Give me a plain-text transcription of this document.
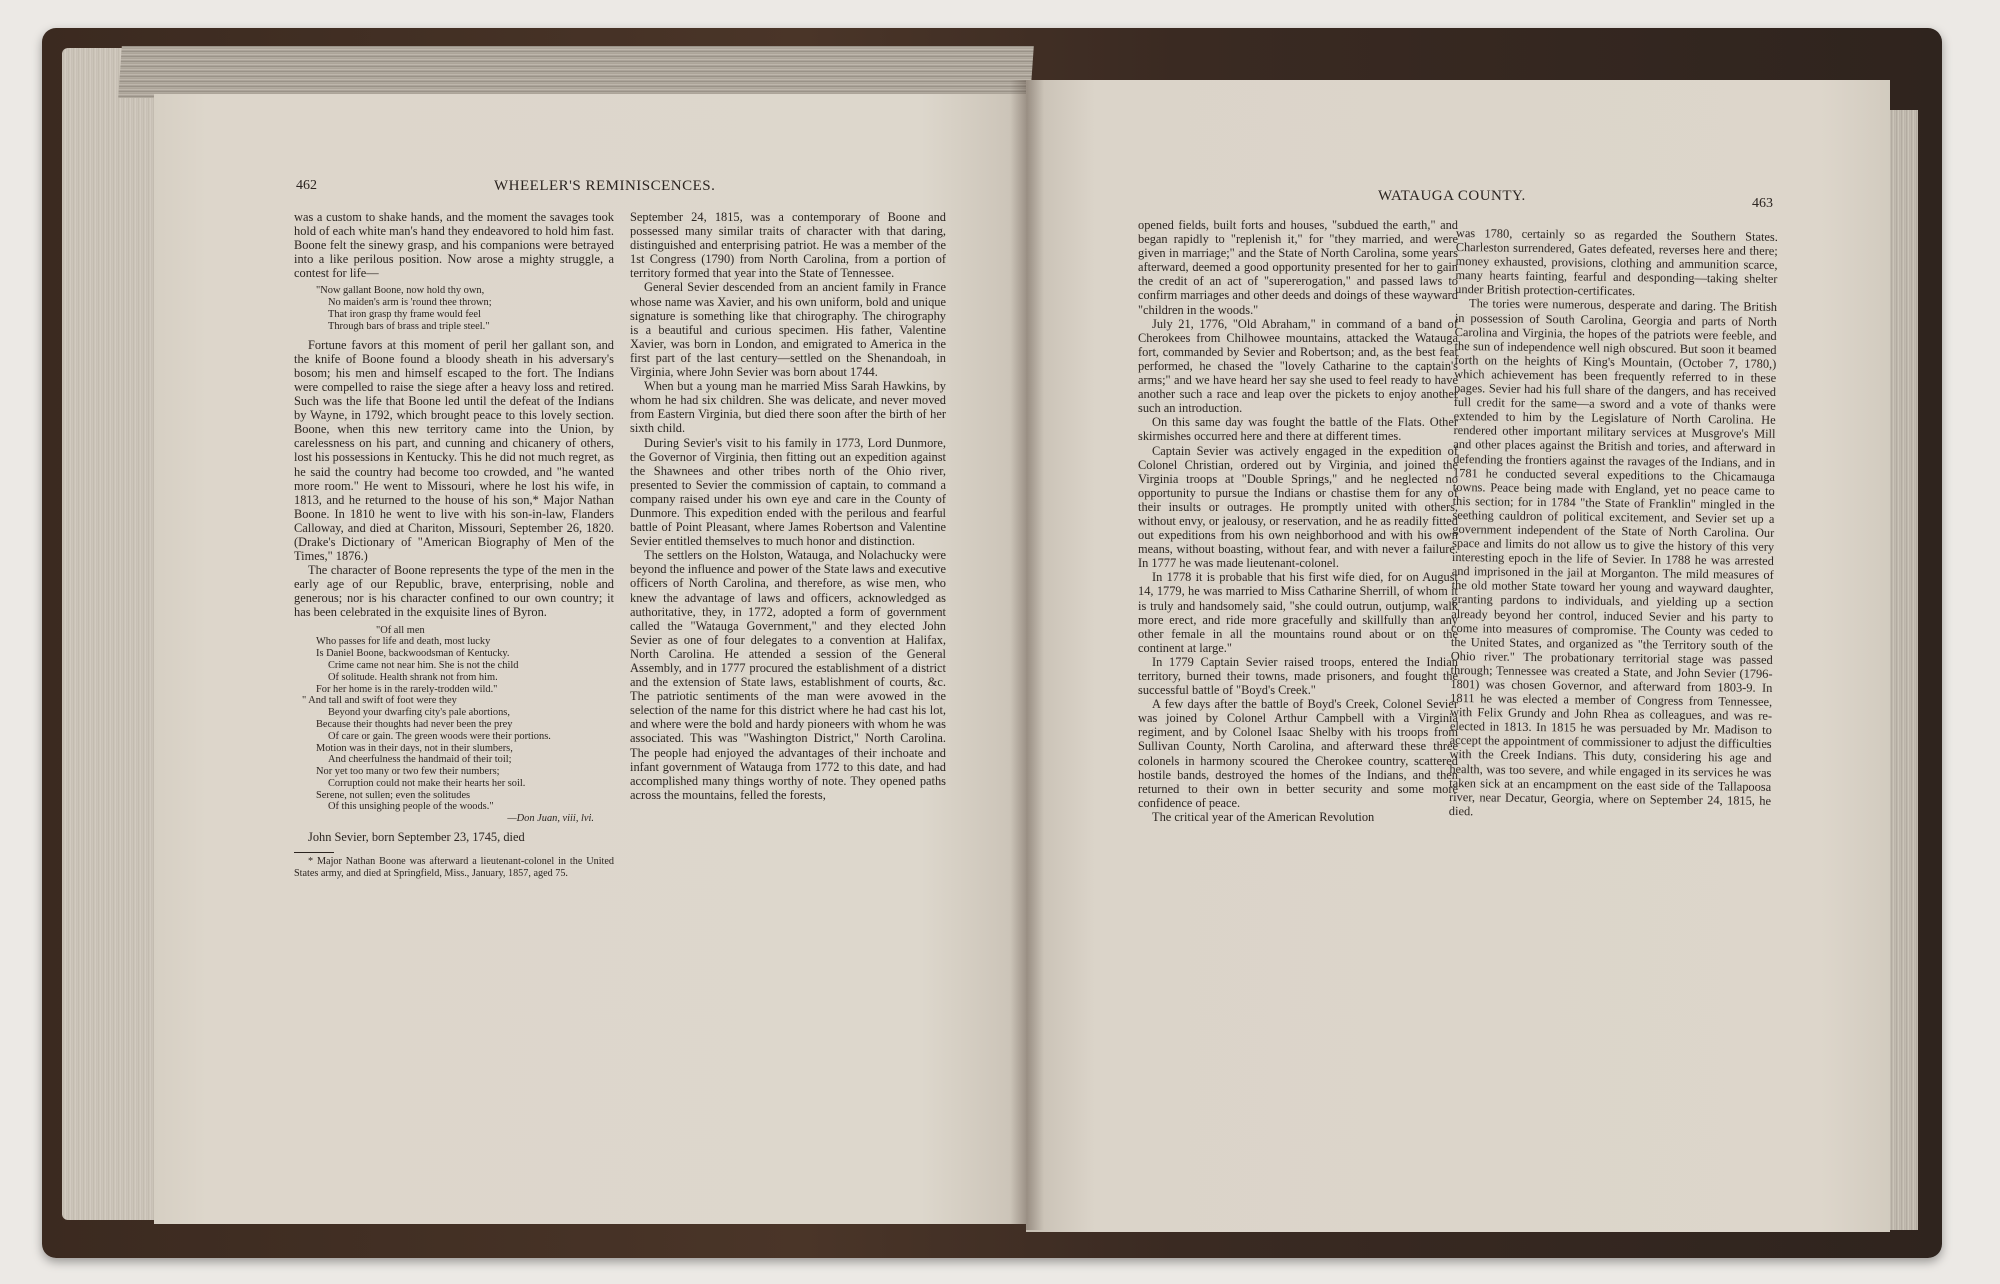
462	WHEELER'S REMINISCENCES.

was a custom to shake hands, and the moment the savages took hold of each white man's hand they endeavored to hold him fast. Boone felt the sinewy grasp, and his companions were betrayed into a like perilous position. Now arose a mighty struggle, a contest for life—

"Now gallant Boone, now hold thy own,
No maiden's arm is 'round thee thrown;
That iron grasp thy frame would feel
Through bars of brass and triple steel."

Fortune favors at this moment of peril her gallant son, and the knife of Boone found a bloody sheath in his adversary's bosom; his men and himself escaped to the fort. The Indians were compelled to raise the siege after a heavy loss and retired. Such was the life that Boone led until the defeat of the Indians by Wayne, in 1792, which brought peace to this lovely section. Boone, when this new territory came into the Union, by carelessness on his part, and cunning and chicanery of others, lost his possessions in Kentucky. This he did not much regret, as he said the country had become too crowded, and "he wanted more room." He went to Missouri, where he lost his wife, in 1813, and he returned to the house of his son,* Major Nathan Boone. In 1810 he went to live with his son-in-law, Flanders Calloway, and died at Chariton, Missouri, September 26, 1820. (Drake's Dictionary of "American Biography of Men of the Times," 1876.)

The character of Boone represents the type of the men in the early age of our Republic, brave, enterprising, noble and generous; nor is his character confined to our own country; it has been celebrated in the exquisite lines of Byron.

"Of all men
Who passes for life and death, most lucky
Is Daniel Boone, backwoodsman of Kentucky.
Crime came not near him. She is not the child
Of solitude. Health shrank not from him.
For her home is in the rarely-trodden wild."
" And tall and swift of foot were they
Beyond your dwarfing city's pale abortions,
Because their thoughts had never been the prey
Of care or gain. The green woods were their portions.
Motion was in their days, not in their slumbers,
And cheerfulness the handmaid of their toil;
Nor yet too many or two few their numbers;
Corruption could not make their hearts her soil.
Serene, not sullen; even the solitudes
Of this unsighing people of the woods."
—Don Juan, viii, lvi.

John Sevier, born September 23, 1745, died

* Major Nathan Boone was afterward a lieutenant-colonel in the United States army, and died at Springfield, Miss., January, 1857, aged 75.

September 24, 1815, was a contemporary of Boone and possessed many similar traits of character with that daring, distinguished and enterprising patriot. He was a member of the 1st Congress (1790) from North Carolina, from a portion of territory formed that year into the State of Tennessee.

General Sevier descended from an ancient family in France whose name was Xavier, and his own uniform, bold and unique signature is something like that chirography. The chirography is a beautiful and curious specimen. His father, Valentine Xavier, was born in London, and emigrated to America in the first part of the last century—settled on the Shenandoah, in Virginia, where John Sevier was born about 1744.

When but a young man he married Miss Sarah Hawkins, by whom he had six children. She was delicate, and never moved from Eastern Virginia, but died there soon after the birth of her sixth child.

During Sevier's visit to his family in 1773, Lord Dunmore, the Governor of Virginia, then fitting out an expedition against the Shawnees and other tribes north of the Ohio river, presented to Sevier the commission of captain, to command a company raised under his own eye and care in the County of Dunmore. This expedition ended with the perilous and fearful battle of Point Pleasant, where James Robertson and Valentine Sevier entitled themselves to much honor and distinction.

The settlers on the Holston, Watauga, and Nolachucky were beyond the influence and power of the State laws and executive officers of North Carolina, and therefore, as wise men, who knew the advantage of laws and officers, acknowledged as authoritative, they, in 1772, adopted a form of government called the "Watauga Government," and they elected John Sevier as one of four delegates to a convention at Halifax, North Carolina. He attended a session of the General Assembly, and in 1777 procured the establishment of a district and the extension of State laws, establishment of courts, &c. The patriotic sentiments of the man were avowed in the selection of the name for this district where he had cast his lot, and where were the bold and hardy pioneers with whom he was associated. This was "Washington District," North Carolina. The people had enjoyed the advantages of their inchoate and infant government of Watauga from 1772 to this date, and had accomplished many things worthy of note. They opened paths across the mountains, felled the forests,

WATAUGA COUNTY.	463

opened fields, built forts and houses, "subdued the earth," and began rapidly to "replenish it," for "they married, and were given in marriage;" and the State of North Carolina, some years afterward, deemed a good opportunity presented for her to gain the credit of an act of "supererogation," and passed laws to confirm marriages and other deeds and doings of these wayward "children in the woods."

July 21, 1776, "Old Abraham," in command of a band of Cherokees from Chilhowee mountains, attacked the Watauga fort, commanded by Sevier and Robertson; and, as the best feat performed, he chased the "lovely Catharine to the captain's arms;" and we have heard her say she used to feel ready to have another such a race and leap over the pickets to enjoy another such an introduction.

On this same day was fought the battle of the Flats. Other skirmishes occurred here and there at different times.

Captain Sevier was actively engaged in the expedition of Colonel Christian, ordered out by Virginia, and joined the Virginia troops at "Double Springs," and he neglected no opportunity to pursue the Indians or chastise them for any of their insults or outrages. He promptly united with others, without envy, or jealousy, or reservation, and he as readily fitted out expeditions from his own neighborhood and with his own means, without boasting, without fear, and with never a failure. In 1777 he was made lieutenant-colonel.

In 1778 it is probable that his first wife died, for on August 14, 1779, he was married to Miss Catharine Sherrill, of whom it is truly and handsomely said, "she could outrun, outjump, walk more erect, and ride more gracefully and skillfully than any other female in all the mountains round about or on the continent at large."

In 1779 Captain Sevier raised troops, entered the Indian territory, burned their towns, made prisoners, and fought the successful battle of "Boyd's Creek."

A few days after the battle of Boyd's Creek, Colonel Sevier was joined by Colonel Arthur Campbell with a Virginia regiment, and by Colonel Isaac Shelby with his troops from Sullivan County, North Carolina, and afterward these three colonels in harmony scoured the Cherokee country, scattered hostile bands, destroyed the homes of the Indians, and then returned to their own in better security and some more confidence of peace.

The critical year of the American Revolution

was 1780, certainly so as regarded the Southern States. Charleston surrendered, Gates defeated, reverses here and there; money exhausted, provisions, clothing and ammunition scarce, many hearts fainting, fearful and desponding—taking shelter under British protection-certificates.

The tories were numerous, desperate and daring. The British in possession of South Carolina, Georgia and parts of North Carolina and Virginia, the hopes of the patriots were feeble, and the sun of independence well nigh obscured. But soon it beamed forth on the heights of King's Mountain, (October 7, 1780,) which achievement has been frequently referred to in these pages. Sevier had his full share of the dangers, and has received full credit for the same—a sword and a vote of thanks were extended to him by the Legislature of North Carolina. He rendered other important military services at Musgrove's Mill and other places against the British and tories, and afterward in defending the frontiers against the ravages of the Indians, and in 1781 he conducted several expeditions to the Chicamauga towns. Peace being made with England, yet no peace came to this section; for in 1784 "the State of Franklin" mingled in the seething cauldron of political excitement, and Sevier set up a government independent of the State of North Carolina. Our space and limits do not allow us to give the history of this very interesting epoch in the life of Sevier. In 1788 he was arrested and imprisoned in the jail at Morganton. The mild measures of the old mother State toward her young and wayward daughter, granting pardons to individuals, and yielding up a section already beyond her control, induced Sevier and his party to come into measures of compromise. The County was ceded to the United States, and organized as "the Territory south of the Ohio river." The probationary territorial stage was passed through; Tennessee was created a State, and John Sevier (1796-1801) was chosen Governor, and afterward from 1803-9. In 1811 he was elected a member of Congress from Tennessee, with Felix Grundy and John Rhea as colleagues, and was re-elected in 1813. In 1815 he was persuaded by Mr. Madison to accept the appointment of commissioner to adjust the difficulties with the Creek Indians. This duty, considering his age and health, was too severe, and while engaged in its services he was taken sick at an encampment on the east side of the Tallapoosa river, near Decatur, Georgia, where on September 24, 1815, he died.
